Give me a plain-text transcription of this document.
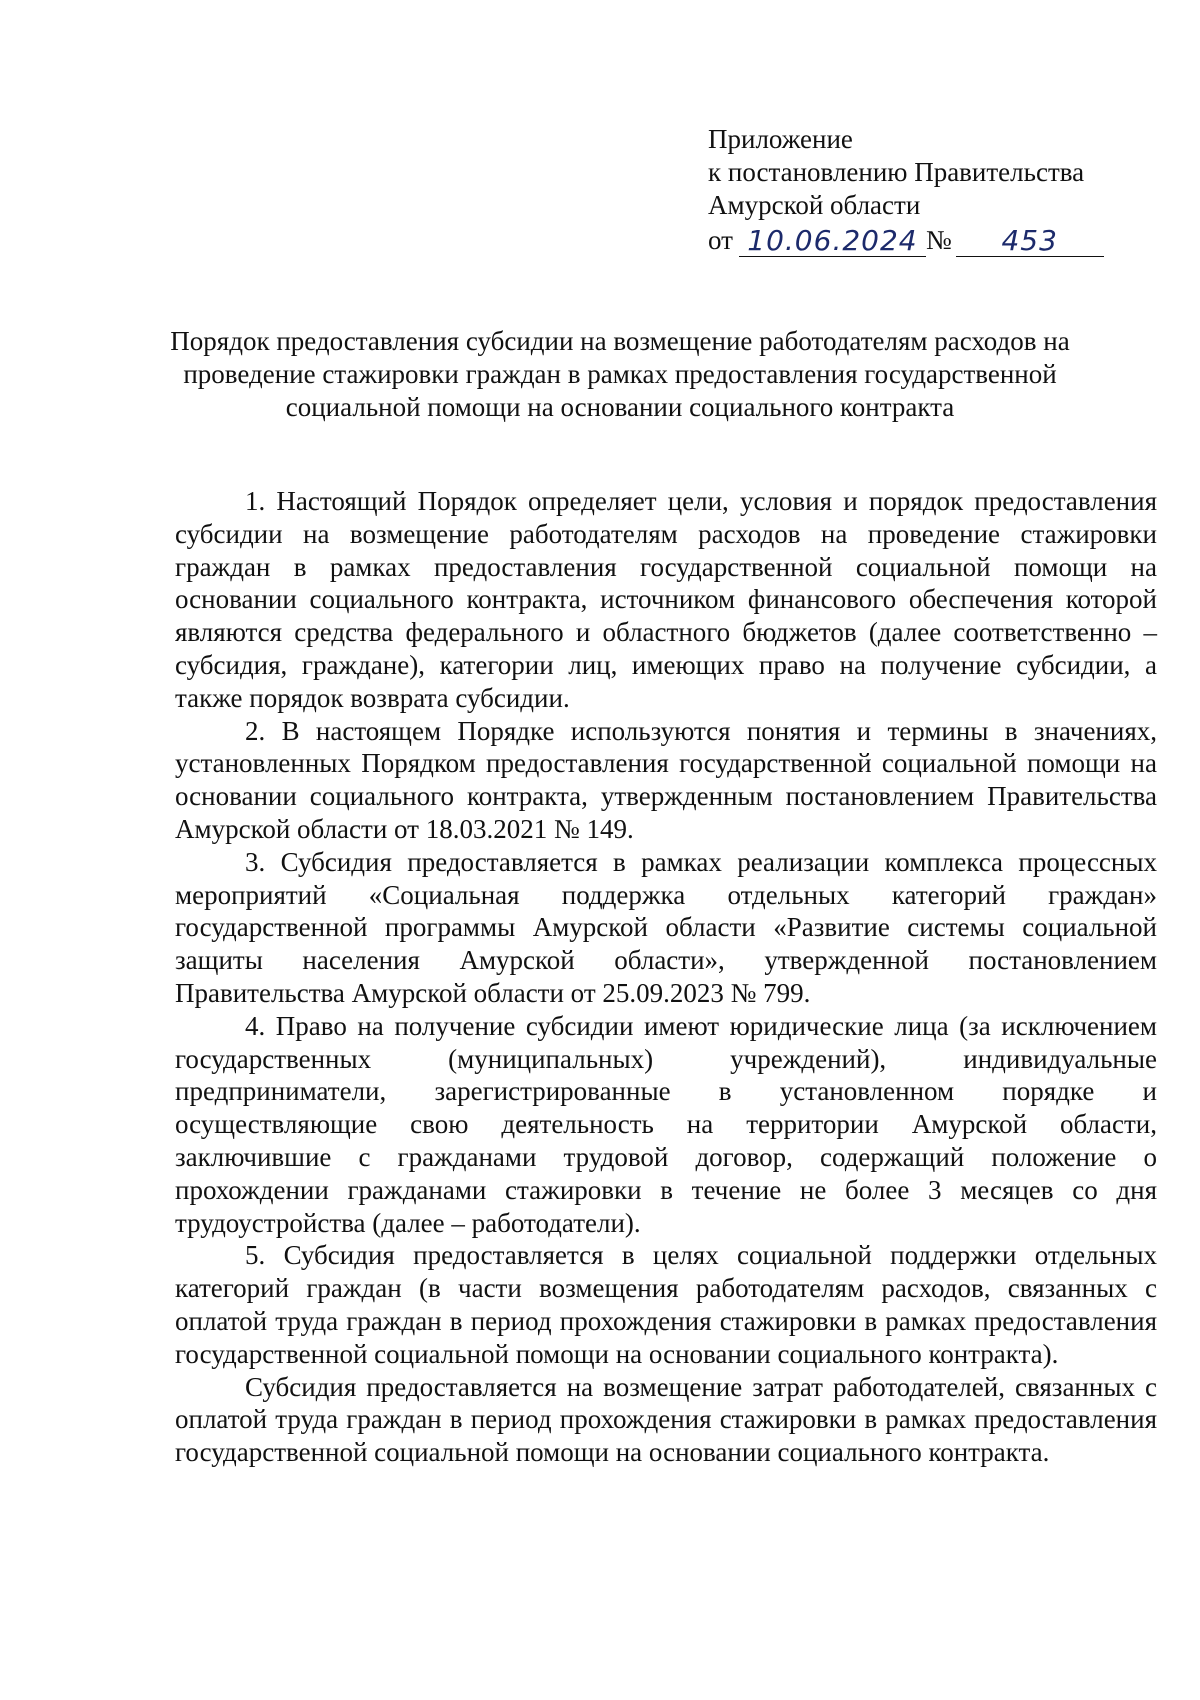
Приложение
к постановлению Правительства
Амурской области
от 10.06.2024 №	453
Порядок предоставления субсидии на возмещение работодателям расходов на проведение стажировки граждан в рамках предоставления государственной социальной помощи на основании социального контракта

1. Настоящий Порядок определяет цели, условия и порядок предоставления субсидии на возмещение работодателям расходов на проведение стажировки граждан в рамках предоставления государственной социальной помощи на основании социального контракта, источником финансового обеспечения которой являются средства федерального и областного бюджетов (далее соответственно – субсидия, граждане), категории лиц, имеющих право на получение субсидии, а также порядок возврата субсидии.

2. В настоящем Порядке используются понятия и термины в значениях, установленных Порядком предоставления государственной социальной помощи на основании социального контракта, утвержденным постановлением Правительства Амурской области от 18.03.2021 № 149.

3. Субсидия предоставляется в рамках реализации комплекса процессных мероприятий «Социальная поддержка отдельных категорий граждан» государственной программы Амурской области «Развитие системы социальной защиты населения Амурской области», утвержденной постановлением Правительства Амурской области от 25.09.2023 № 799.

4. Право на получение субсидии имеют юридические лица (за исключением государственных (муниципальных) учреждений), индивидуальные предприниматели, зарегистрированные в установленном порядке и осуществляющие свою деятельность на территории Амурской области, заключившие с гражданами трудовой договор, содержащий положение о прохождении гражданами стажировки в течение не более 3 месяцев со дня трудоустройства (далее – работодатели).

5. Субсидия предоставляется в целях социальной поддержки отдельных категорий граждан (в части возмещения работодателям расходов, связанных с оплатой труда граждан в период прохождения стажировки в рамках предоставления государственной социальной помощи на основании социального контракта).

Субсидия предоставляется на возмещение затрат работодателей, связанных с оплатой труда граждан в период прохождения стажировки в рамках предоставления государственной социальной помощи на основании социального контракта.
